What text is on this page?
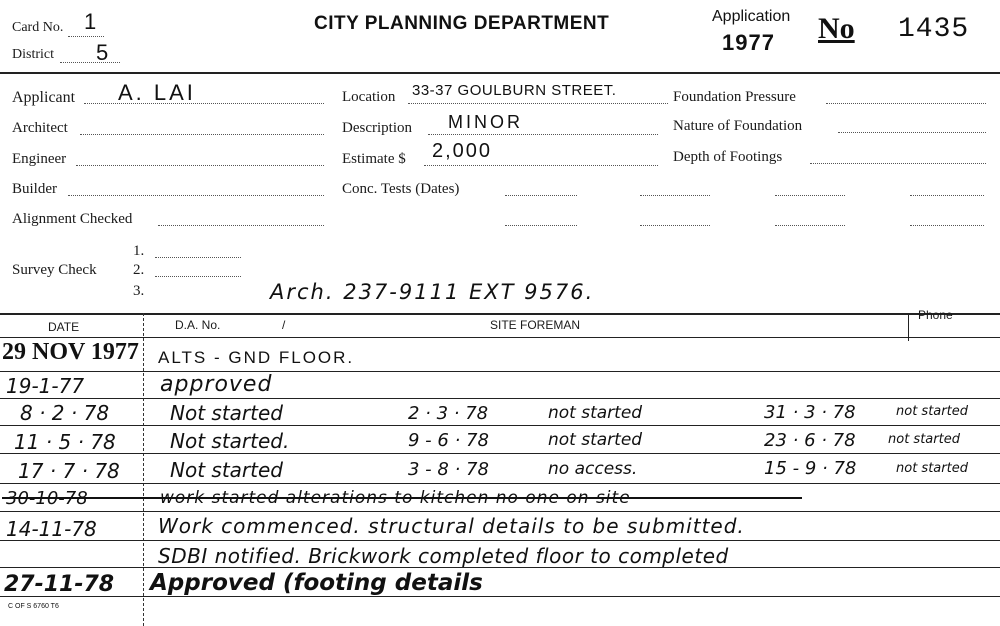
Card No. 1
District 5
CITY PLANNING DEPARTMENT	Application
1977 No 1435
Applicant A. LAI
Architect
Engineer
Builder
Alignment Checked
Survey Check
1.
2.
3.	Arch. 237-9111 EXT 9576.
Location 33-37 GOULBURN STREET.
Description MINOR
Estimate $ 2,000
Conc. Tests (Dates)
Foundation Pressure
Nature of Foundation
Depth of Footings
DATE	D.A. No.	/	SITE FOREMAN
Phone
29 NOV 1977 ALTS - GND FLOOR.
19-1-77	approved
8 · 2 · 78	Not started	2 · 3 · 78	not started	31 · 3 · 78	not started
11 · 5 · 78	Not started.	9 - 6 · 78	not started	23 · 6 · 78 not started
17 · 7 · 78	Not started	3 - 8 · 78	no access.	15 - 9 · 78	not started
30-10-78	work started alterations to kitchen no one on site
14-11-78	Work commenced. structural details to be submitted.
SDBI notified. Brickwork completed floor to completed
27-11-78 Approved (footing details
C OF S 6760 T6
